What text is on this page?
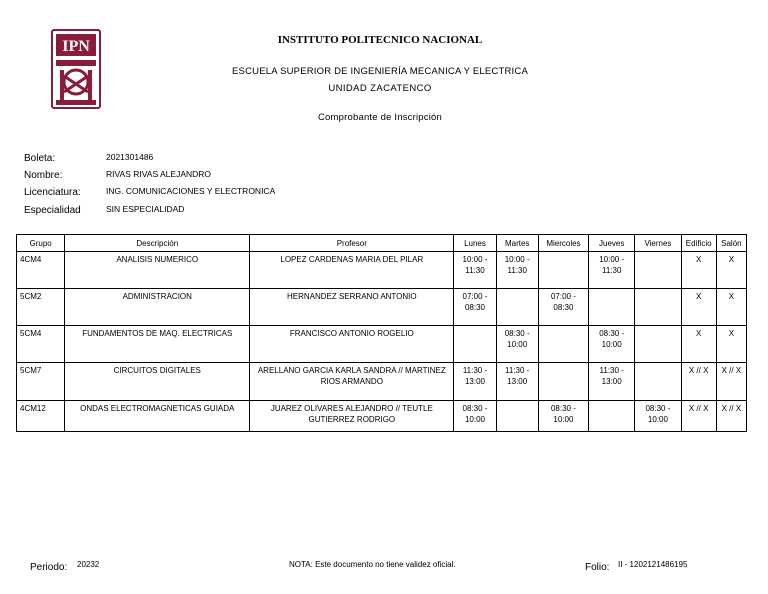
IPN	INSTITUTO POLITECNICO NACIONAL
ESCUELA SUPERIOR DE INGENIERÍA MECANICA Y ELECTRICA
UNIDAD ZACATENCO
Comprobante de Inscripción
Boleta:	2021301486
Nombre:	RIVAS RIVAS ALEJANDRO
Licenciatura:	ING. COMUNICACIONES Y ELECTRONICA
Especialidad	SIN ESPECIALIDAD
Grupo	Descripción	Profesor	Lunes	Martes	Miercoles	Jueves	Viernes	Edificio	Salón
4CM4	ANALISIS NUMERICO	LOPEZ CARDENAS MARIA DEL PILAR	10:00 - 11:30	10:00 - 11:30		10:00 - 11:30		X	X
5CM2	ADMINISTRACION	HERNANDEZ SERRANO ANTONIO	07:00 - 08:30		07:00 - 08:30			X	X
5CM4	FUNDAMENTOS DE MAQ. ELECTRICAS	FRANCISCO ANTONIO ROGELIO		08:30 - 10:00		08:30 - 10:00		X	X
5CM7	CIRCUITOS DIGITALES	ARELLANO GARCIA KARLA SANDRA // MARTINEZ RIOS ARMANDO	11:30 - 13:00	11:30 - 13:00		11:30 - 13:00		X // X	X // X
4CM12	ONDAS ELECTROMAGNETICAS GUIADA	JUAREZ OLIVARES ALEJANDRO // TEUTLE GUTIERREZ RODRIGO	08:30 - 10:00		08:30 - 10:00		08:30 - 10:00	X // X	X // X
Periodo: 20232	NOTA: Este documento no tiene validez oficial.	Folio: II - 1202121486195
